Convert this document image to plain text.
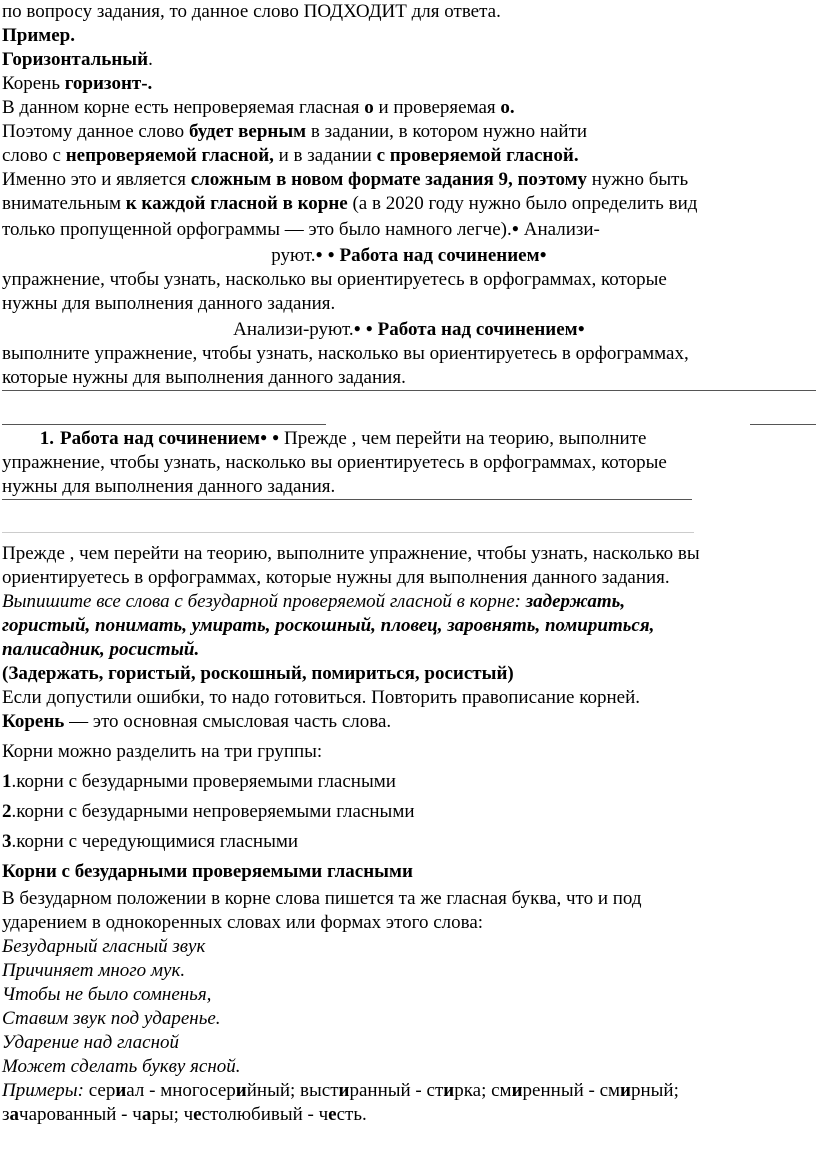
по вопросу задания, то данное слово ПОДХОДИТ для ответа.

Пример.

Горизонтальный.

Корень горизонт-.

В данном корне есть непроверяемая гласная о и проверяемая о.

Поэтому данное слово будет верным в задании, в котором нужно найти

слово с непроверяемой гласной, и в задании с проверяемой гласной.

Именно это и является сложным в новом формате задания 9, поэтому нужно быть

внимательным к каждой гласной в корне (а в 2020 году нужно было определить вид

только пропущенной орфограммы — это было намного легче).● Анализи-

руют.● ● Работа над сочинением●

упражнение, чтобы узнать, насколько вы ориентируетесь в орфограммах, которые

нужны для выполнения данного задания.

Анализи-руют.● ● Работа над сочинением●

выполните упражнение, чтобы узнать, насколько вы ориентируетесь в орфограммах,

которые нужны для выполнения данного задания.

1. Работа над сочинением● ● Прежде , чем перейти на теорию, выполните

упражнение, чтобы узнать, насколько вы ориентируетесь в орфограммах, которые

нужны для выполнения данного задания.

Прежде , чем перейти на теорию, выполните упражнение, чтобы узнать, насколько вы

ориентируетесь в орфограммах, которые нужны для выполнения данного задания.

Выпишите все слова с безударной проверяемой гласной в корне: задержать,

гористый, понимать, умирать, роскошный, пловец, заровнять, помириться,

палисадник, росистый.

(Задержать, гористый, роскошный, помириться, росистый)

Если допустили ошибки, то надо готовиться. Повторить правописание корней.

Корень — это основная смысловая часть слова.

Корни можно разделить на три группы:

1.корни с безударными проверяемыми гласными

2.корни с безударными непроверяемыми гласными

3.корни с чередующимися гласными

Корни с безударными проверяемыми гласными

В безударном положении в корне слова пишется та же гласная буква, что и под

ударением в однокоренных словах или формах этого слова:

Безударный гласный звук

Причиняет много мук.

Чтобы не было сомненья,

Ставим звук под ударенье.

Ударение над гласной

Может сделать букву ясной.

Примеры: сериал - многосерийный; выстиранный - стирка; смиренный - смирный;

зачарованный - чары; честолюбивый - честь.
